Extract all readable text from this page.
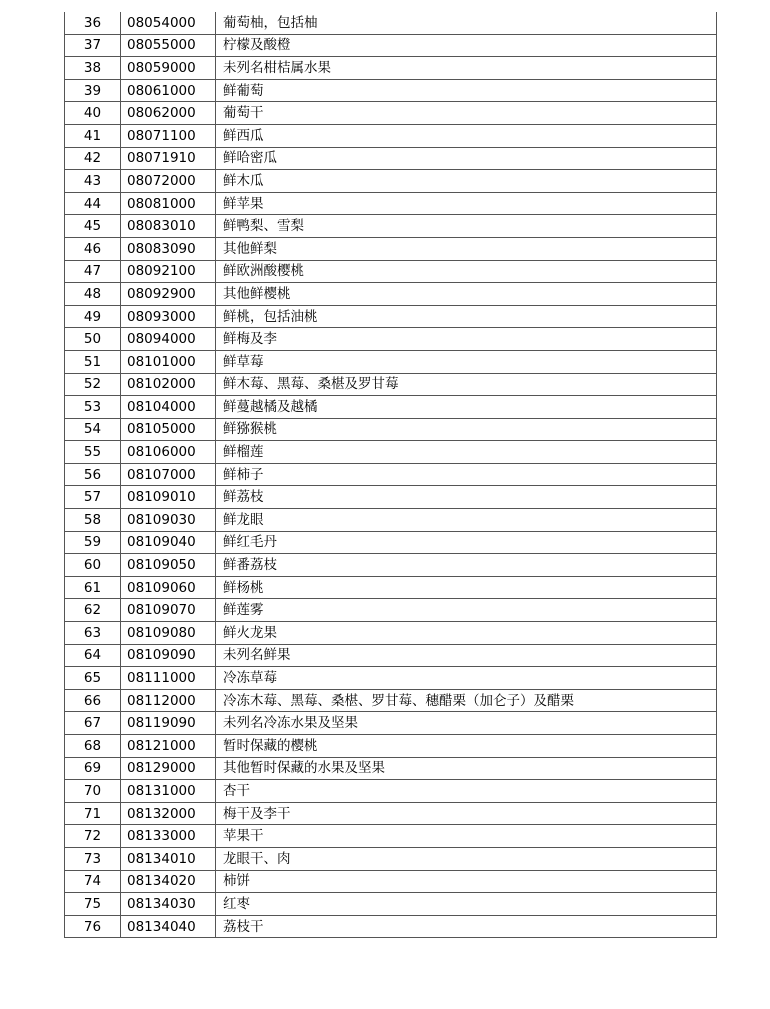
36	08054000	葡萄柚，包括柚
37	08055000	柠檬及酸橙
38	08059000	未列名柑桔属水果
39	08061000	鲜葡萄
40	08062000	葡萄干
41	08071100	鲜西瓜
42	08071910	鲜哈密瓜
43	08072000	鲜木瓜
44	08081000	鲜苹果
45	08083010	鲜鸭梨、雪梨
46	08083090	其他鲜梨
47	08092100	鲜欧洲酸樱桃
48	08092900	其他鲜樱桃
49	08093000	鲜桃，包括油桃
50	08094000	鲜梅及李
51	08101000	鲜草莓
52	08102000	鲜木莓、黑莓、桑椹及罗甘莓
53	08104000	鲜蔓越橘及越橘
54	08105000	鲜猕猴桃
55	08106000	鲜榴莲
56	08107000	鲜柿子
57	08109010	鲜荔枝
58	08109030	鲜龙眼
59	08109040	鲜红毛丹
60	08109050	鲜番荔枝
61	08109060	鲜杨桃
62	08109070	鲜莲雾
63	08109080	鲜火龙果
64	08109090	未列名鲜果
65	08111000	冷冻草莓
66	08112000	冷冻木莓、黑莓、桑椹、罗甘莓、穗醋栗（加仑子）及醋栗
67	08119090	未列名冷冻水果及坚果
68	08121000	暂时保藏的樱桃
69	08129000	其他暂时保藏的水果及坚果
70	08131000	杏干
71	08132000	梅干及李干
72	08133000	苹果干
73	08134010	龙眼干、肉
74	08134020	柿饼
75	08134030	红枣
76	08134040	荔枝干
